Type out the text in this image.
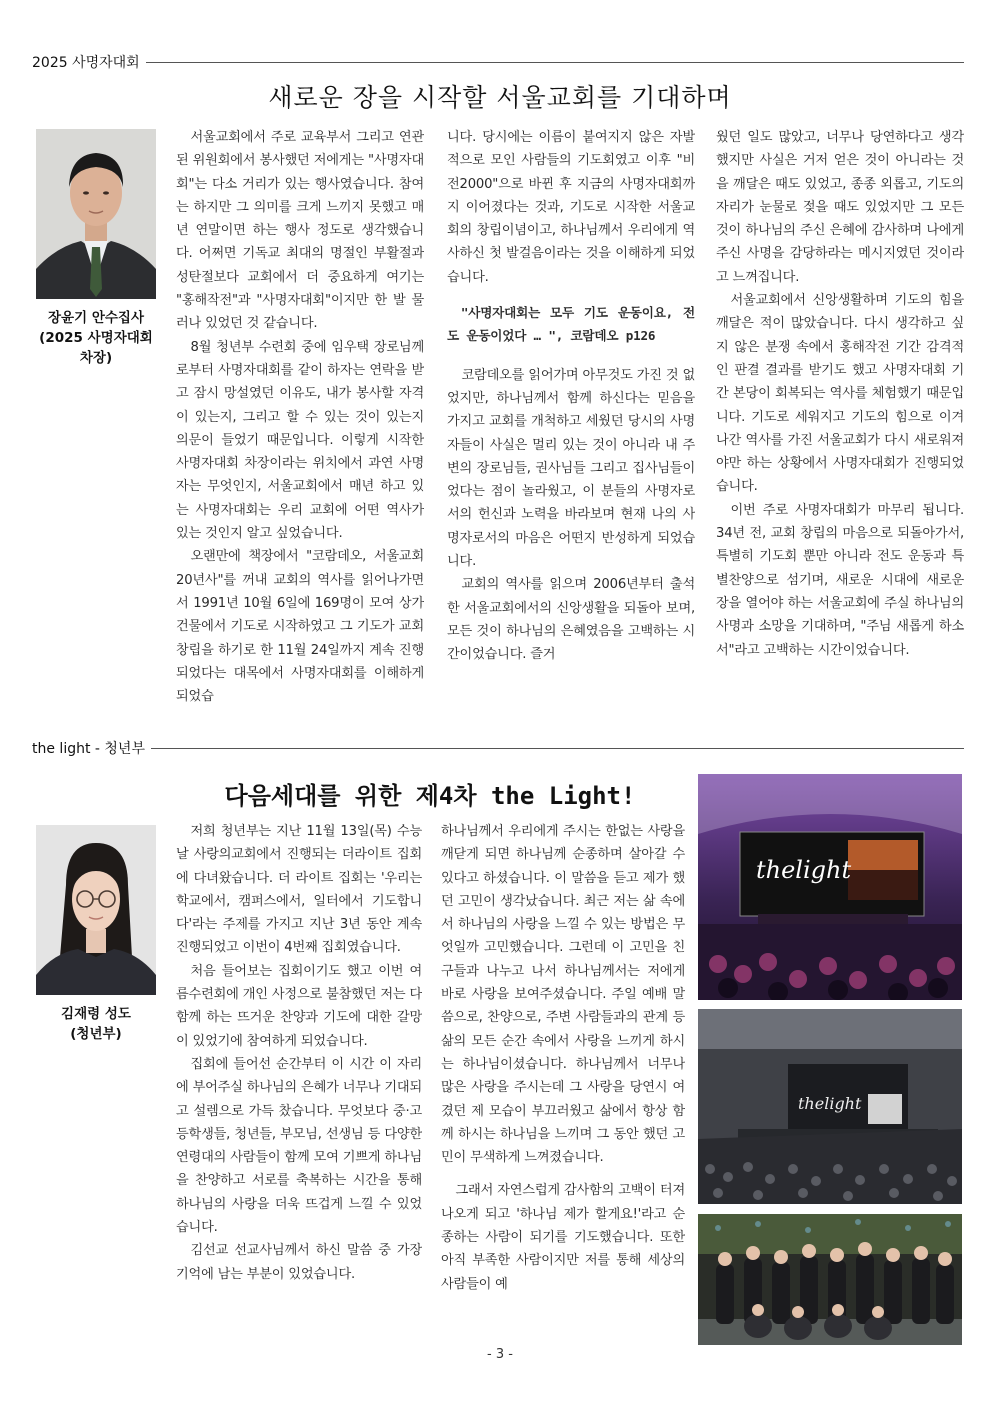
2025 사명자대회
새로운 장을 시작할 서울교회를 기대하며
장윤기 안수집사
(2025 사명자대회
차장)

서울교회에서 주로 교육부서 그리고 연관된 위원회에서 봉사했던 저에게는 "사명자대회"는 다소 거리가 있는 행사였습니다. 참여는 하지만 그 의미를 크게 느끼지 못했고 매년 연말이면 하는 행사 정도로 생각했습니다. 어쩌면 기독교 최대의 명절인 부활절과 성탄절보다 교회에서 더 중요하게 여기는 "홍해작전"과 "사명자대회"이지만 한 발 물러나 있었던 것 같습니다.

8월 청년부 수련회 중에 임우택 장로님께로부터 사명자대회를 같이 하자는 연락을 받고 잠시 망설였던 이유도, 내가 봉사할 자격이 있는지, 그리고 할 수 있는 것이 있는지 의문이 들었기 때문입니다. 이렇게 시작한 사명자대회 차장이라는 위치에서 과연 사명자는 무엇인지, 서울교회에서 매년 하고 있는 사명자대회는 우리 교회에 어떤 역사가 있는 것인지 알고 싶었습니다.

오랜만에 책장에서 "코람데오, 서울교회 20년사"를 꺼내 교회의 역사를 읽어나가면서 1991년 10월 6일에 169명이 모여 상가 건물에서 기도로 시작하였고 그 기도가 교회 창립을 하기로 한 11월 24일까지 계속 진행되었다는 대목에서 사명자대회를 이해하게 되었습

니다. 당시에는 이름이 붙여지지 않은 자발적으로 모인 사람들의 기도회였고 이후 "비전2000"으로 바뀐 후 지금의 사명자대회까지 이어졌다는 것과, 기도로 시작한 서울교회의 창립이념이고, 하나님께서 우리에게 역사하신 첫 발걸음이라는 것을 이해하게 되었습니다.

"사명자대회는 모두 기도 운동이요, 전도 운동이었다 … ", 코람데오 p126

코람데오를 읽어가며 아무것도 가진 것 없었지만, 하나님께서 함께 하신다는 믿음을 가지고 교회를 개척하고 세웠던 당시의 사명자들이 사실은 멀리 있는 것이 아니라 내 주변의 장로님들, 권사님들 그리고 집사님들이었다는 점이 놀라웠고, 이 분들의 사명자로서의 헌신과 노력을 바라보며 현재 나의 사명자로서의 마음은 어떤지 반성하게 되었습니다.

교회의 역사를 읽으며 2006년부터 출석한 서울교회에서의 신앙생활을 되돌아 보며, 모든 것이 하나님의 은혜였음을 고백하는 시간이었습니다. 즐거

웠던 일도 많았고, 너무나 당연하다고 생각했지만 사실은 거저 얻은 것이 아니라는 것을 깨달은 때도 있었고, 종종 외롭고, 기도의 자리가 눈물로 젖을 때도 있었지만 그 모든 것이 하나님의 주신 은혜에 감사하며 나에게 주신 사명을 감당하라는 메시지였던 것이라고 느껴집니다.

서울교회에서 신앙생활하며 기도의 힘을 깨달은 적이 많았습니다. 다시 생각하고 싶지 않은 분쟁 속에서 홍해작전 기간 감격적인 판결 결과를 받기도 했고 사명자대회 기간 본당이 회복되는 역사를 체험했기 때문입니다. 기도로 세워지고 기도의 힘으로 이겨나간 역사를 가진 서울교회가 다시 새로워져야만 하는 상황에서 사명자대회가 진행되었습니다.

이번 주로 사명자대회가 마무리 됩니다. 34년 전, 교회 창립의 마음으로 되돌아가서, 특별히 기도회 뿐만 아니라 전도 운동과 특별찬양으로 섬기며, 새로운 시대에 새로운 장을 열어야 하는 서울교회에 주실 하나님의 사명과 소망을 기대하며, "주님 새롭게 하소서"라고 고백하는 시간이었습니다.

the light - 청년부
다음세대를 위한 제4차 the Light!
김재령 성도
(청년부)

저희 청년부는 지난 11월 13일(목) 수능날 사랑의교회에서 진행되는 더라이트 집회에 다녀왔습니다. 더 라이트 집회는 '우리는 학교에서, 캠퍼스에서, 일터에서 기도합니다'라는 주제를 가지고 지난 3년 동안 계속 진행되었고 이번이 4번째 집회였습니다.

처음 들어보는 집회이기도 했고 이번 여름수련회에 개인 사정으로 불참했던 저는 다 함께 하는 뜨거운 찬양과 기도에 대한 갈망이 있었기에 참여하게 되었습니다.

집회에 들어선 순간부터 이 시간 이 자리에 부어주실 하나님의 은혜가 너무나 기대되고 설렘으로 가득 찼습니다. 무엇보다 중·고등학생들, 청년들, 부모님, 선생님 등 다양한 연령대의 사람들이 함께 모여 기쁘게 하나님을 찬양하고 서로를 축복하는 시간을 통해 하나님의 사랑을 더욱 뜨겁게 느낄 수 있었습니다.

김선교 선교사님께서 하신 말씀 중 가장 기억에 남는 부분이 있었습니다.

하나님께서 우리에게 주시는 한없는 사랑을 깨닫게 되면 하나님께 순종하며 살아갈 수 있다고 하셨습니다. 이 말씀을 듣고 제가 했던 고민이 생각났습니다. 최근 저는 삶 속에서 하나님의 사랑을 느낄 수 있는 방법은 무엇일까 고민했습니다. 그런데 이 고민을 친구들과 나누고 나서 하나님께서는 저에게 바로 사랑을 보여주셨습니다. 주일 예배 말씀으로, 찬양으로, 주변 사람들과의 관계 등 삶의 모든 순간 속에서 사랑을 느끼게 하시는 하나님이셨습니다. 하나님께서 너무나 많은 사랑을 주시는데 그 사랑을 당연시 여겼던 제 모습이 부끄러웠고 삶에서 항상 함께 하시는 하나님을 느끼며 그 동안 했던 고민이 무색하게 느껴졌습니다.

그래서 자연스럽게 감사함의 고백이 터져 나오게 되고 '하나님 제가 할게요!'라고 순종하는 사람이 되기를 기도했습니다. 또한 아직 부족한 사람이지만 저를 통해 세상의 사람들이 예

thelight
thelight
- 3 -
